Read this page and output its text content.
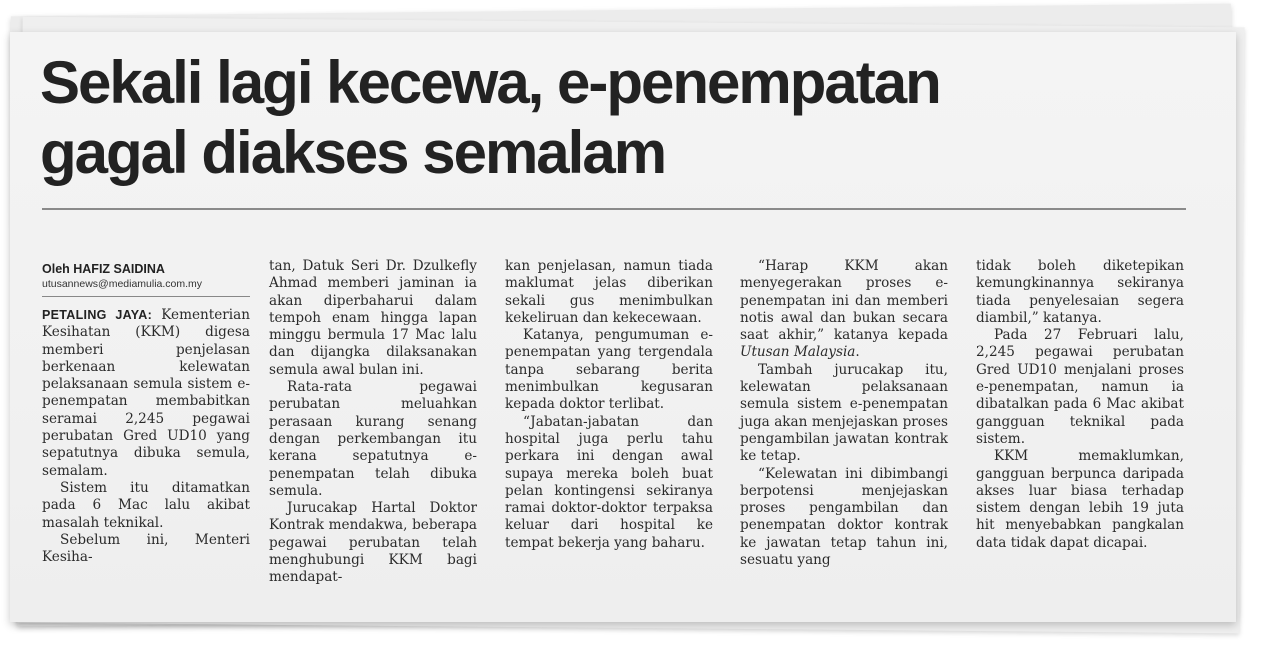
Sekali lagi kecewa, e-penempatan
gagal diakses semalam

Oleh HAFIZ SAIDINA

utusannews@mediamulia.com.my

PETALING JAYA: Kementerian Kesihatan (KKM) digesa memberi penjelasan berkenaan kelewatan pelaksanaan semula sistem e-penempatan membabitkan seramai 2,245 pegawai perubatan Gred UD10 yang sepatutnya dibuka semula, semalam.

Sistem itu ditamatkan pada 6 Mac lalu akibat masalah teknikal.

Sebelum ini, Menteri Kesiha-

tan, Datuk Seri Dr. Dzulkefly Ahmad memberi jaminan ia akan diperbaharui dalam tempoh enam hingga lapan minggu bermula 17 Mac lalu dan dijangka dilaksanakan semula awal bulan ini.

Rata-rata pegawai perubatan meluahkan perasaan kurang senang dengan perkembangan itu kerana sepatutnya e-penempatan telah dibuka semula.

Jurucakap Hartal Doktor Kontrak mendakwa, beberapa pegawai perubatan telah menghubungi KKM bagi mendapat-

kan penjelasan, namun tiada maklumat jelas diberikan sekali gus menimbulkan kekeliruan dan kekecewaan.

Katanya, pengumuman e-penempatan yang tergendala tanpa sebarang berita menimbulkan kegusaran kepada doktor terlibat.

“Jabatan-jabatan dan hospital juga perlu tahu perkara ini dengan awal supaya mereka boleh buat pelan kontingensi sekiranya ramai doktor-doktor terpaksa keluar dari hospital ke tempat bekerja yang baharu.

“Harap KKM akan menyegerakan proses e-penempatan ini dan memberi notis awal dan bukan secara saat akhir,” katanya kepada Utusan Malaysia.

Tambah jurucakap itu, kelewatan pelaksanaan semula sistem e-penempatan juga akan menjejaskan proses pengambilan jawatan kontrak ke tetap.

“Kelewatan ini dibimbangi berpotensi menjejaskan proses pengambilan dan penempatan doktor kontrak ke jawatan tetap tahun ini, sesuatu yang

tidak boleh diketepikan kemungkinannya sekiranya tiada penyelesaian segera diambil,” katanya.

Pada 27 Februari lalu, 2,245 pegawai perubatan Gred UD10 menjalani proses e-penempatan, namun ia dibatalkan pada 6 Mac akibat gangguan teknikal pada sistem.

KKM memaklumkan, gangguan berpunca daripada akses luar biasa terhadap sistem dengan lebih 19 juta hit menyebabkan pangkalan data tidak dapat dicapai.
